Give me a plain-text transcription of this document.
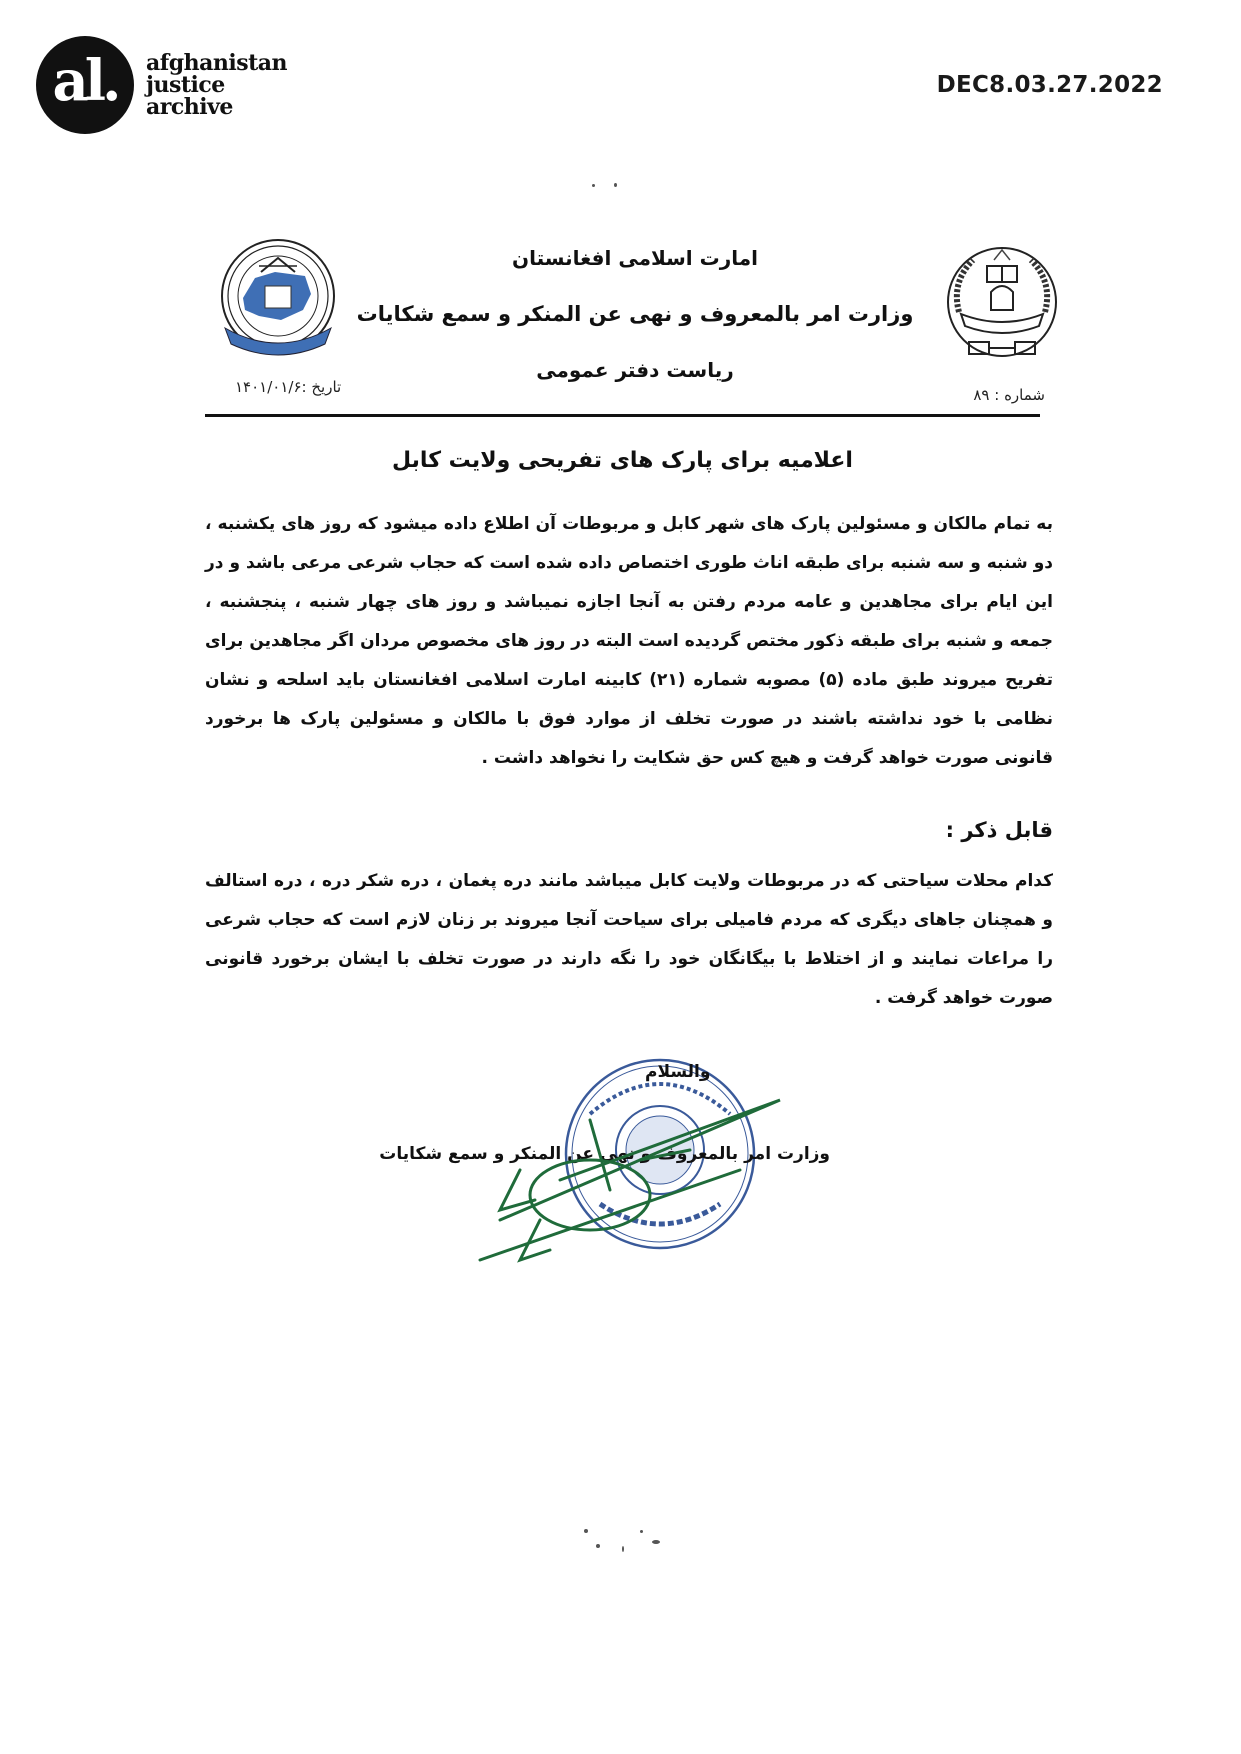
al. afghanistan
justice
archive
DEC8.03.27.2022
امارت اسلامی افغانستان
وزارت امر بالمعروف و نهی عن المنکر و سمع شکایات
ریاست دفتر عمومی
تاریخ :۱۴۰۱/۰۱/۶	شماره : ۸۹
اعلامیه برای پارک های تفریحی ولایت کابل
به تمام مالکان و مسئولین پارک های شهر کابل و مربوطات آن اطلاع داده میشود که روز های یکشنبه ، دو شنبه و سه شنبه برای طبقه اناث طوری اختصاص داده شده است که حجاب شرعی مرعی باشد و در این ایام برای مجاهدین و عامه مردم رفتن به آنجا اجازه نمیباشد و روز های چهار شنبه ، پنجشنبه ، جمعه و شنبه برای طبقه ذکور مختص گردیده است البته در روز های مخصوص مردان اگر مجاهدین برای تفریح میروند طبق ماده (۵) مصوبه شماره (۲۱) کابینه امارت اسلامی افغانستان باید اسلحه و نشان نظامی با خود نداشته باشند در صورت تخلف از موارد فوق با مالکان و مسئولین پارک ها برخورد قانونی صورت خواهد گرفت و هیچ کس حق شکایت را نخواهد داشت .
قابل ذکر :
کدام محلات سیاحتی که در مربوطات ولایت کابل میباشد مانند دره پغمان ، دره شکر دره ، دره استالف و همچنان جاهای دیگری که مردم فامیلی برای سیاحت آنجا میروند بر زنان لازم است که حجاب شرعی را مراعات نمایند و از اختلاط با بیگانگان خود را نگه دارند در صورت تخلف با ایشان برخورد قانونی صورت خواهد گرفت .
والسلام
وزارت امر بالمعروف و نهی عن المنکر و سمع شکایات
